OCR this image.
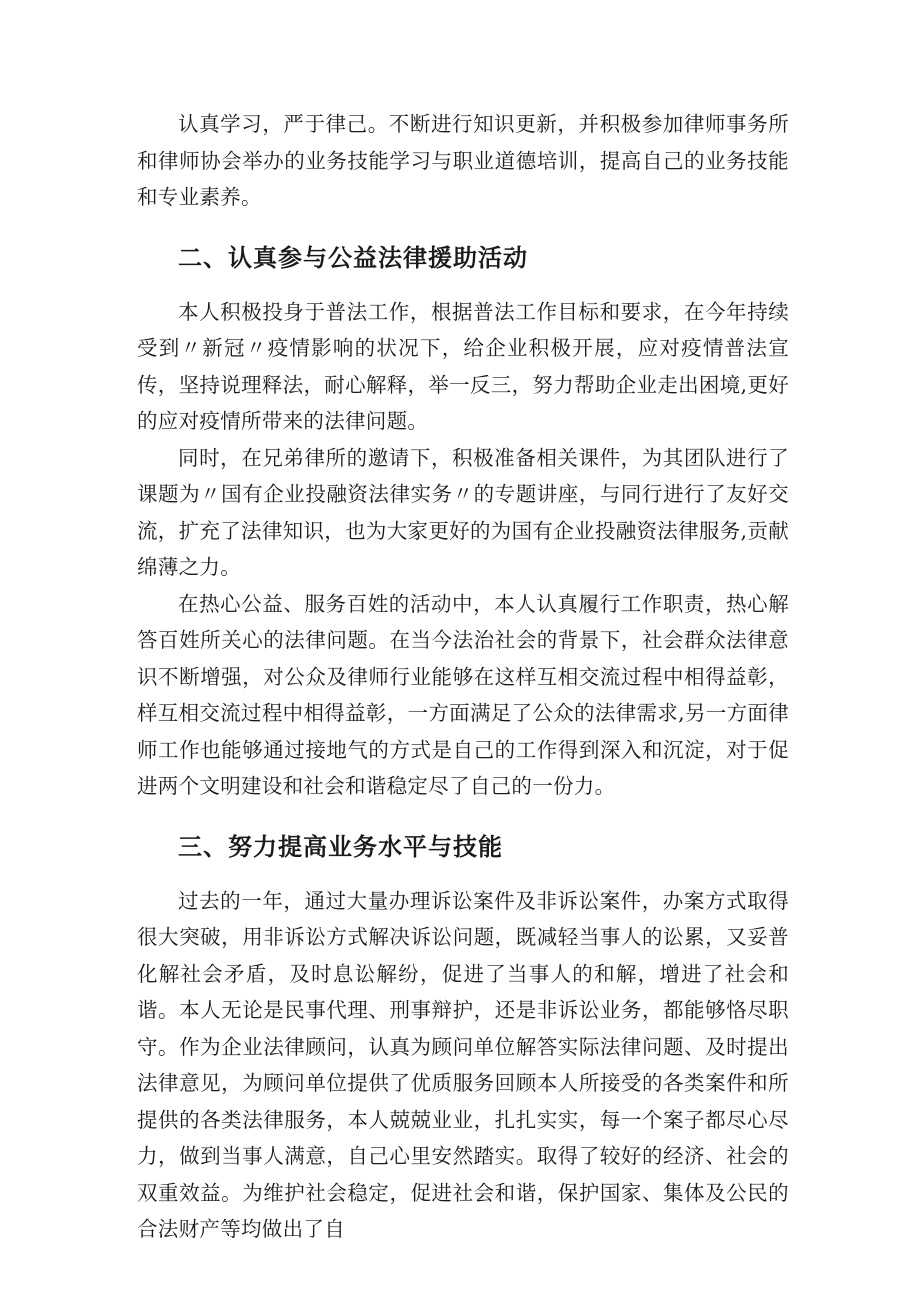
认真学习，严于律己。不断进行知识更新，并积极参加律师事务所和律师协会举办的业务技能学习与职业道德培训，提高自己的业务技能和专业素养。

二、认真参与公益法律援助活动

本人积极投身于普法工作，根据普法工作目标和要求，在今年持续受到〃新冠〃疫情影响的状况下，给企业积极开展，应对疫情普法宣传，坚持说理释法，耐心解释，举一反三，努力帮助企业走出困境,更好的应对疫情所带来的法律问题。

同时，在兄弟律所的邀请下，积极准备相关课件，为其团队进行了课题为〃国有企业投融资法律实务〃的专题讲座，与同行进行了友好交流，扩充了法律知识，也为大家更好的为国有企业投融资法律服务,贡献绵薄之力。

在热心公益、服务百姓的活动中，本人认真履行工作职责，热心解答百姓所关心的法律问题。在当今法治社会的背景下，社会群众法律意识不断增强，对公众及律师行业能够在这样互相交流过程中相得益彰，样互相交流过程中相得益彰，一方面满足了公众的法律需求,另一方面律师工作也能够通过接地气的方式是自己的工作得到深入和沉淀，对于促进两个文明建设和社会和谐稳定尽了自己的一份力。

三、努力提高业务水平与技能

过去的一年，通过大量办理诉讼案件及非诉讼案件，办案方式取得很大突破，用非诉讼方式解决诉讼问题，既减轻当事人的讼累，又妥普化解社会矛盾，及时息讼解纷，促进了当事人的和解，增进了社会和谐。本人无论是民事代理、刑事辩护，还是非诉讼业务，都能够恪尽职守。作为企业法律顾问，认真为顾问单位解答实际法律问题、及时提出法律意见，为顾问单位提供了优质服务回顾本人所接受的各类案件和所提供的各类法律服务，本人兢兢业业，扎扎实实，每一个案子都尽心尽力，做到当事人满意，自己心里安然踏实。取得了较好的经济、社会的双重效益。为维护社会稳定，促进社会和谐，保护国家、集体及公民的合法财产等均做出了自
